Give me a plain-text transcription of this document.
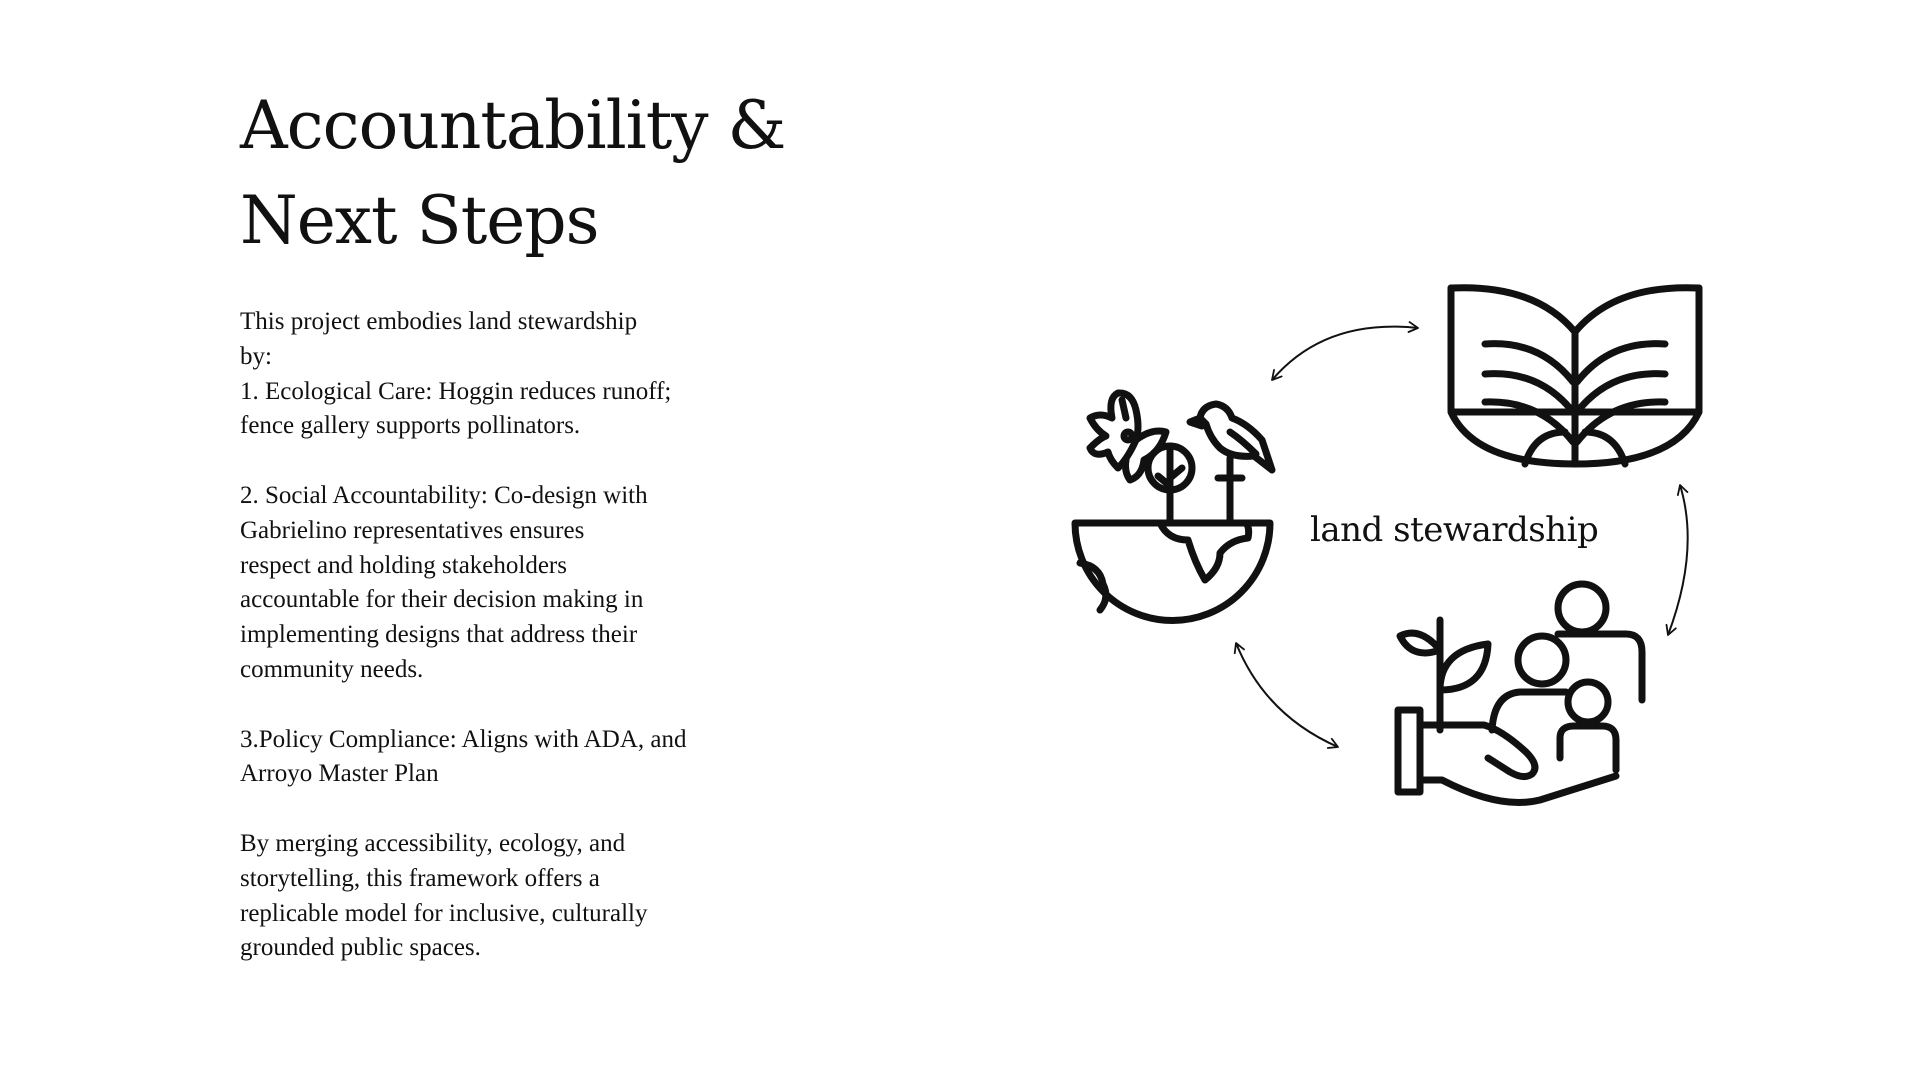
Accountability &
Next Steps

This project embodies land stewardship

by:

1. Ecological Care: Hoggin reduces runoff;

fence gallery supports pollinators.

2. Social Accountability: Co-design with

Gabrielino representatives ensures

respect and holding stakeholders

accountable for their decision making in

implementing designs that address their

community needs.

3.Policy Compliance: Aligns with ADA, and

Arroyo Master Plan

By merging accessibility, ecology, and

storytelling, this framework offers a

replicable model for inclusive, culturally

grounded public spaces.

land stewardship
